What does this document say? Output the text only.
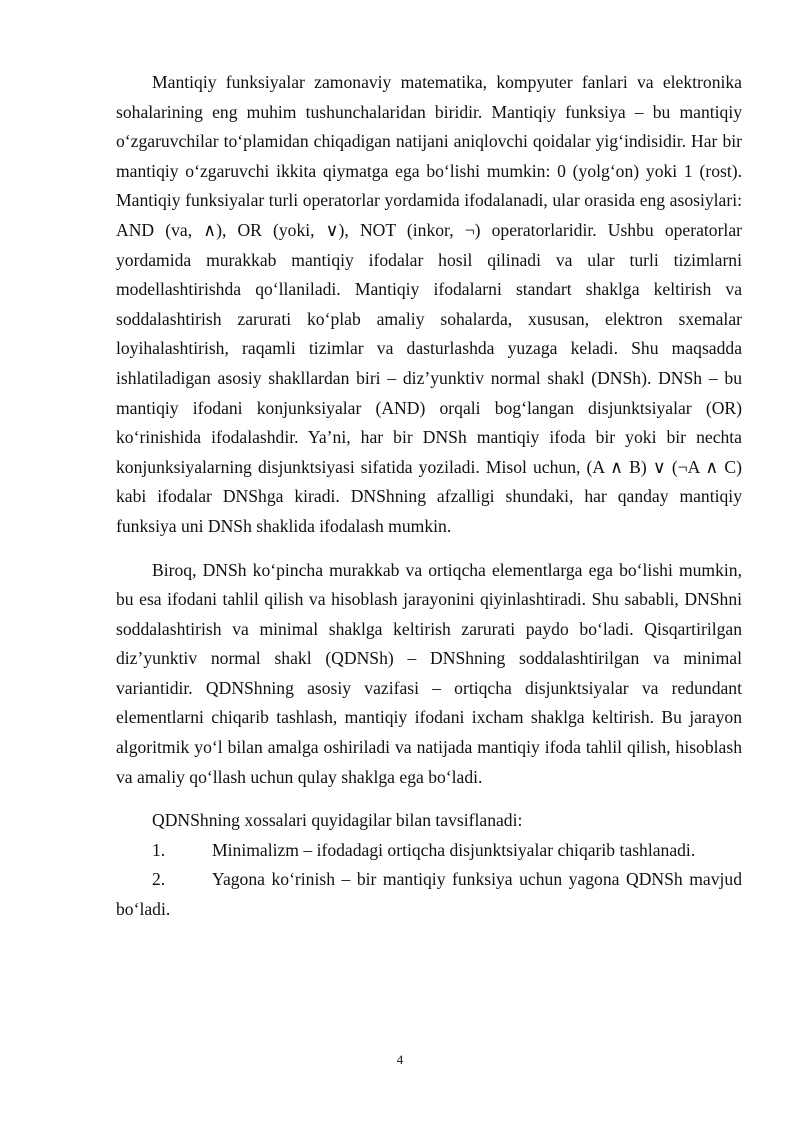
Mantiqiy funksiyalar zamonaviy matematika, kompyuter fanlari va elektronika sohalarining eng muhim tushunchalaridan biridir. Mantiqiy funksiya – bu mantiqiy o‘zgaruvchilar to‘plamidan chiqadigan natijani aniqlovchi qoidalar yig‘indisidir. Har bir mantiqiy o‘zgaruvchi ikkita qiymatga ega bo‘lishi mumkin: 0 (yolg‘on) yoki 1 (rost). Mantiqiy funksiyalar turli operatorlar yordamida ifodalanadi, ular orasida eng asosiylari: AND (va, ∧), OR (yoki, ∨), NOT (inkor, ¬) operatorlaridir. Ushbu operatorlar yordamida murakkab mantiqiy ifodalar hosil qilinadi va ular turli tizimlarni modellashtirishda qo‘llaniladi. Mantiqiy ifodalarni standart shaklga keltirish va soddalashtirish zarurati ko‘plab amaliy sohalarda, xususan, elektron sxemalar loyihalashtirish, raqamli tizimlar va dasturlashda yuzaga keladi. Shu maqsadda ishlatiladigan asosiy shakllardan biri – diz’yunktiv normal shakl (DNSh). DNSh – bu mantiqiy ifodani konjunksiyalar (AND) orqali bog‘langan disjunktsiyalar (OR) ko‘rinishida ifodalashdir. Ya’ni, har bir DNSh mantiqiy ifoda bir yoki bir nechta konjunksiyalarning disjunktsiyasi sifatida yoziladi. Misol uchun, (A ∧ B) ∨ (¬A ∧ C) kabi ifodalar DNShga kiradi. DNShning afzalligi shundaki, har qanday mantiqiy funksiya uni DNSh shaklida ifodalash mumkin.

Biroq, DNSh ko‘pincha murakkab va ortiqcha elementlarga ega bo‘lishi mumkin, bu esa ifodani tahlil qilish va hisoblash jarayonini qiyinlashtiradi. Shu sababli, DNShni soddalashtirish va minimal shaklga keltirish zarurati paydo bo‘ladi. Qisqartirilgan diz’yunktiv normal shakl (QDNSh) – DNShning soddalashtirilgan va minimal variantidir. QDNShning asosiy vazifasi – ortiqcha disjunktsiyalar va redundant elementlarni chiqarib tashlash, mantiqiy ifodani ixcham shaklga keltirish. Bu jarayon algoritmik yo‘l bilan amalga oshiriladi va natijada mantiqiy ifoda tahlil qilish, hisoblash va amaliy qo‘llash uchun qulay shaklga ega bo‘ladi.

QDNShning xossalari quyidagilar bilan tavsiflanadi:

1.	Minimalizm – ifodadagi ortiqcha disjunktsiyalar chiqarib tashlanadi.

2.	Yagona ko‘rinish – bir mantiqiy funksiya uchun yagona QDNSh mavjud bo‘ladi.

4
